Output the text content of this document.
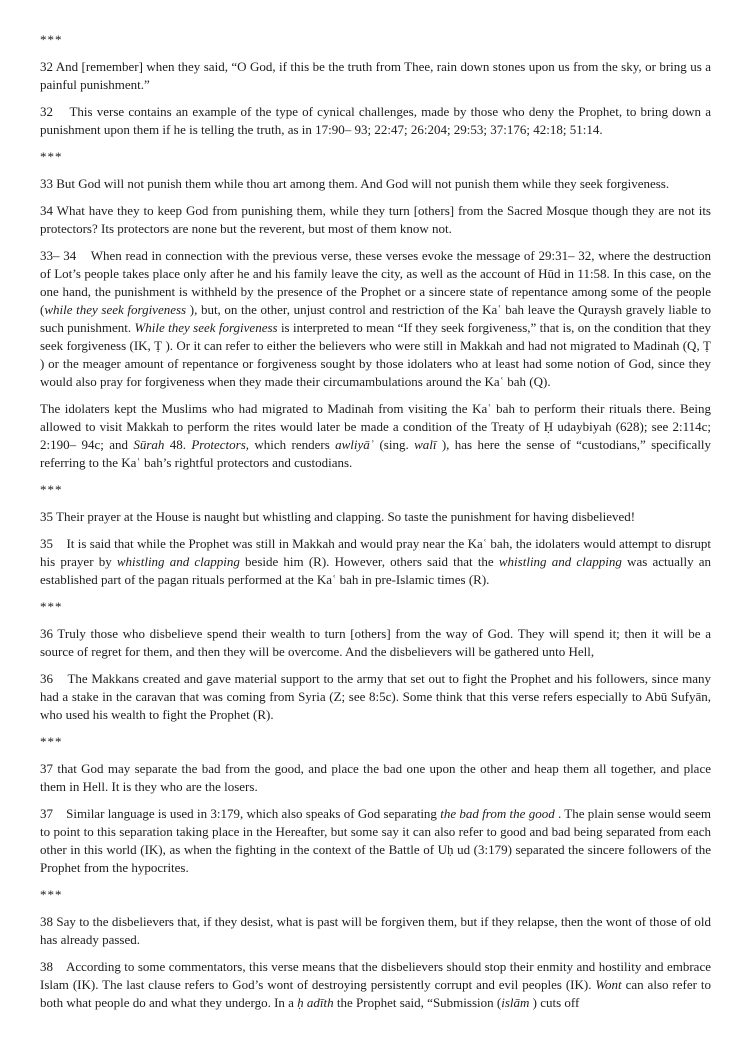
***

32 And [remember] when they said, “O God, if this be the truth from Thee, rain down stones upon us from the sky, or bring us a painful punishment.”

32    This verse contains an example of the type of cynical challenges, made by those who deny the Prophet, to bring down a punishment upon them if he is telling the truth, as in 17:90– 93; 22:47; 26:204; 29:53; 37:176; 42:18; 51:14.

***

33 But God will not punish them while thou art among them. And God will not punish them while they seek forgiveness.

34 What have they to keep God from punishing them, while they turn [others] from the Sacred Mosque though they are not its protectors? Its protectors are none but the reverent, but most of them know not.

33– 34    When read in connection with the previous verse, these verses evoke the message of 29:31– 32, where the destruction of Lot’s people takes place only after he and his family leave the city, as well as the account of Hūd in 11:58. In this case, on the one hand, the punishment is withheld by the presence of the Prophet or a sincere state of repentance among some of the people (while they seek forgiveness ), but, on the other, unjust control and restriction of the Kaʿ bah leave the Quraysh gravely liable to such punishment. While they seek forgiveness is interpreted to mean “If they seek forgiveness,” that is, on the condition that they seek forgiveness (IK, Ṭ ). Or it can refer to either the believers who were still in Makkah and had not migrated to Madinah (Q, Ṭ ) or the meager amount of repentance or forgiveness sought by those idolaters who at least had some notion of God, since they would also pray for forgiveness when they made their circumambulations around the Kaʿ bah (Q).

The idolaters kept the Muslims who had migrated to Madinah from visiting the Kaʿ bah to perform their rituals there. Being allowed to visit Makkah to perform the rites would later be made a condition of the Treaty of Ḥ udaybiyah (628); see 2:114c; 2:190– 94c; and Sūrah 48. Protectors, which renders awliyāʾ (sing. walī ), has here the sense of “custodians,” specifically referring to the Kaʿ bah’s rightful protectors and custodians.

***

35 Their prayer at the House is naught but whistling and clapping. So taste the punishment for having disbelieved!

35    It is said that while the Prophet was still in Makkah and would pray near the Kaʿ bah, the idolaters would attempt to disrupt his prayer by whistling and clapping beside him (R). However, others said that the whistling and clapping was actually an established part of the pagan rituals performed at the Kaʿ bah in pre-Islamic times (R).

***

36 Truly those who disbelieve spend their wealth to turn [others] from the way of God. They will spend it; then it will be a source of regret for them, and then they will be overcome. And the disbelievers will be gathered unto Hell,

36    The Makkans created and gave material support to the army that set out to fight the Prophet and his followers, since many had a stake in the caravan that was coming from Syria (Z; see 8:5c). Some think that this verse refers especially to Abū Sufyān, who used his wealth to fight the Prophet (R).

***

37 that God may separate the bad from the good, and place the bad one upon the other and heap them all together, and place them in Hell. It is they who are the losers.

37    Similar language is used in 3:179, which also speaks of God separating the bad from the good . The plain sense would seem to point to this separation taking place in the Hereafter, but some say it can also refer to good and bad being separated from each other in this world (IK), as when the fighting in the context of the Battle of Uḥ ud (3:179) separated the sincere followers of the Prophet from the hypocrites.

***

38 Say to the disbelievers that, if they desist, what is past will be forgiven them, but if they relapse, then the wont of those of old has already passed.

38    According to some commentators, this verse means that the disbelievers should stop their enmity and hostility and embrace Islam (IK). The last clause refers to God’s wont of destroying persistently corrupt and evil peoples (IK). Wont can also refer to both what people do and what they undergo. In a ḥ adīth the Prophet said, “Submission (islām ) cuts off
